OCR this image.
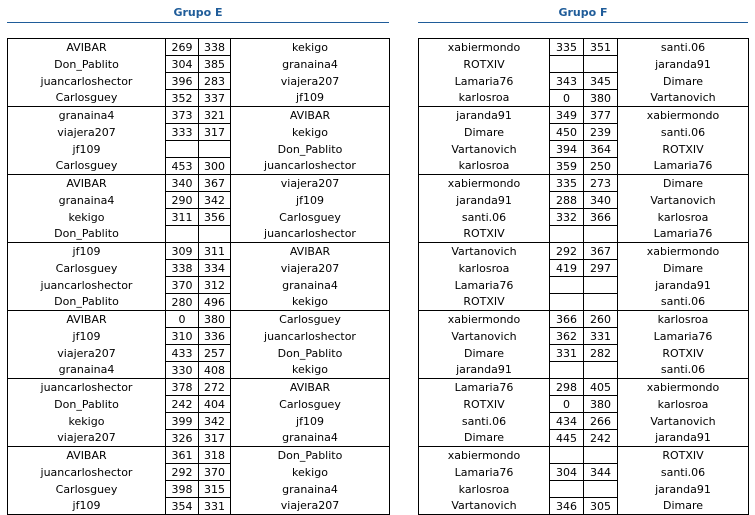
Grupo E
AVIBAR	269	338	kekigo
Don_Pablito	304	385	granaina4
juancarloshector	396	283	viajera207
Carlosguey	352	337	jf109
granaina4	373	321	AVIBAR
viajera207	333	317	kekigo
jf109			Don_Pablito
Carlosguey	453	300	juancarloshector
AVIBAR	340	367	viajera207
granaina4	290	342	jf109
kekigo	311	356	Carlosguey
Don_Pablito			juancarloshector
jf109	309	311	AVIBAR
Carlosguey	338	334	viajera207
juancarloshector	370	312	granaina4
Don_Pablito	280	496	kekigo
AVIBAR	0	380	Carlosguey
jf109	310	336	juancarloshector
viajera207	433	257	Don_Pablito
granaina4	330	408	kekigo
juancarloshector	378	272	AVIBAR
Don_Pablito	242	404	Carlosguey
kekigo	399	342	jf109
viajera207	326	317	granaina4
AVIBAR	361	318	Don_Pablito
juancarloshector	292	370	kekigo
Carlosguey	398	315	granaina4
jf109	354	331	viajera207
Grupo F
xabiermondo	335	351	santi.06
ROTXIV			jaranda91
Lamaria76	343	345	Dimare
karlosroa	0	380	Vartanovich
jaranda91	349	377	xabiermondo
Dimare	450	239	santi.06
Vartanovich	394	364	ROTXIV
karlosroa	359	250	Lamaria76
xabiermondo	335	273	Dimare
jaranda91	288	340	Vartanovich
santi.06	332	366	karlosroa
ROTXIV			Lamaria76
Vartanovich	292	367	xabiermondo
karlosroa	419	297	Dimare
Lamaria76			jaranda91
ROTXIV			santi.06
xabiermondo	366	260	karlosroa
Vartanovich	362	331	Lamaria76
Dimare	331	282	ROTXIV
jaranda91			santi.06
Lamaria76	298	405	xabiermondo
ROTXIV	0	380	karlosroa
santi.06	434	266	Vartanovich
Dimare	445	242	jaranda91
xabiermondo			ROTXIV
Lamaria76	304	344	santi.06
karlosroa			jaranda91
Vartanovich	346	305	Dimare
